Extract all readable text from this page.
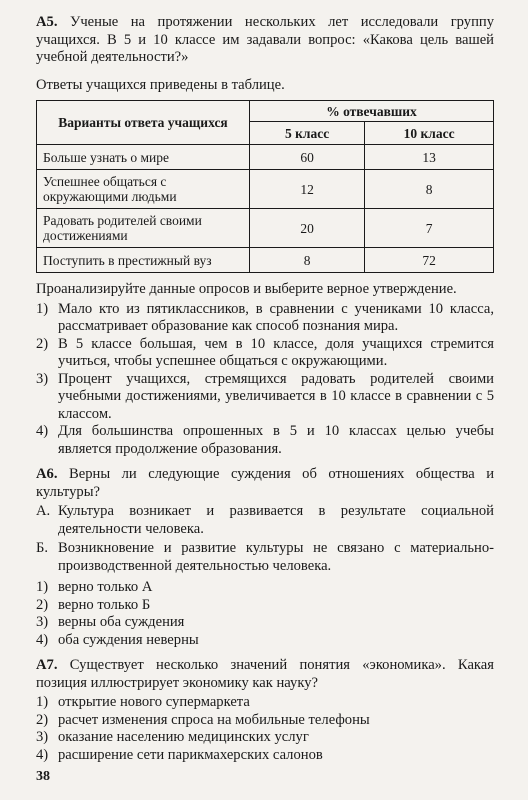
А5. Ученые на протяжении нескольких лет исследовали группу учащихся. В 5 и 10 классе им задавали вопрос: «Какова цель вашей учебной деятельности?»
Ответы учащихся приведены в таблице.
Варианты ответа учащихся	% отвечавших	
	5 класс	10 класс
Больше узнать о мире	60	13
Успешнее общаться с окружающими людьми	12	8
Радовать родителей своими достижениями	20	7
Поступить в престижный вуз	8	72
Проанализируйте данные опросов и выберите верное утверждение.
1) Мало кто из пятиклассников, в сравнении с учениками 10 класса, рассматривает образование как способ познания мира.
2) В 5 классе большая, чем в 10 классе, доля учащихся стремится учиться, чтобы успешнее общаться с окружающими.
3) Процент учащихся, стремящихся радовать родителей своими учебными достижениями, увеличивается в 10 классе в сравнении с 5 классом.
4) Для большинства опрошенных в 5 и 10 классах целью учебы является продолжение образования.
А6. Верны ли следующие суждения об отношениях общества и культуры?
А. Культура возникает и развивается в результате социальной деятельности человека.
Б. Возникновение и развитие культуры не связано с материально-производственной деятельностью человека.
1) верно только А
2) верно только Б
3) верны оба суждения
4) оба суждения неверны
А7. Существует несколько значений понятия «экономика». Какая позиция иллюстрирует экономику как науку?
1) открытие нового супермаркета
2) расчет изменения спроса на мобильные телефоны
3) оказание населению медицинских услуг
4) расширение сети парикмахерских салонов
38
